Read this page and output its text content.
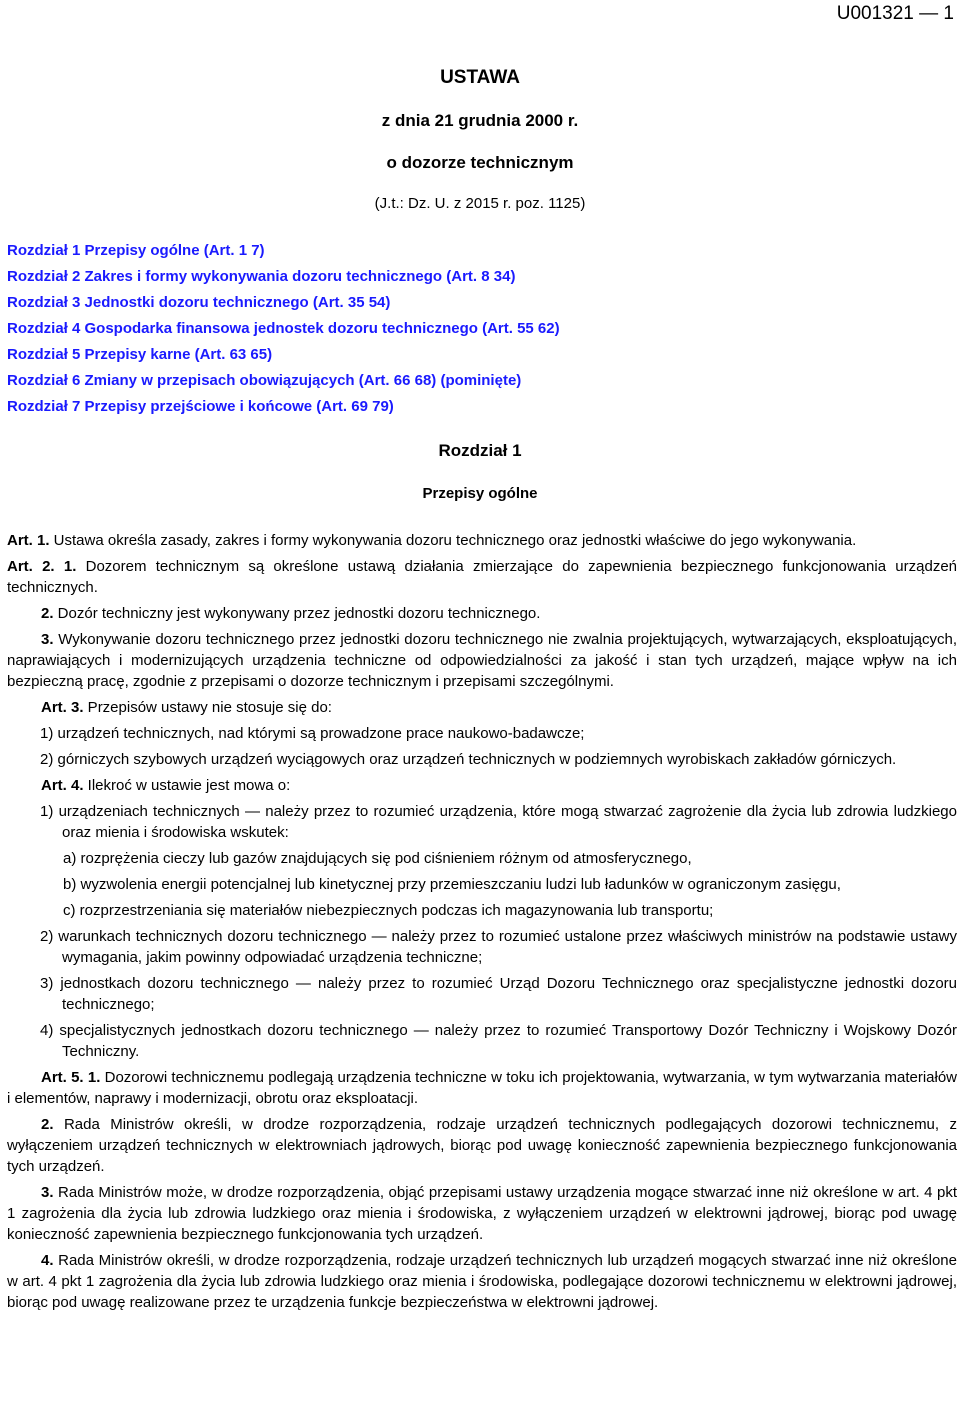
U001321 — 1
USTAWA
z dnia 21 grudnia 2000 r.
o dozorze technicznym
(J.t.: Dz. U. z 2015 r. poz. 1125)
Rozdział 1 Przepisy ogólne (Art. 1 7)
Rozdział 2 Zakres i formy wykonywania dozoru technicznego (Art. 8 34)
Rozdział 3 Jednostki dozoru technicznego (Art. 35 54)
Rozdział 4 Gospodarka finansowa jednostek dozoru technicznego (Art. 55 62)
Rozdział 5 Przepisy karne (Art. 63 65)
Rozdział 6 Zmiany w przepisach obowiązujących (Art. 66 68) (pominięte)
Rozdział 7 Przepisy przejściowe i końcowe (Art. 69 79)
Rozdział 1
Przepisy ogólne

Art. 1. Ustawa określa zasady, zakres i formy wykonywania dozoru technicznego oraz jednostki właściwe do jego wykonywania.

Art. 2. 1. Dozorem technicznym są określone ustawą działania zmierzające do zapewnienia bezpiecznego funkcjonowania urządzeń technicznych.

2. Dozór techniczny jest wykonywany przez jednostki dozoru technicznego.

3. Wykonywanie dozoru technicznego przez jednostki dozoru technicznego nie zwalnia projektujących, wytwarzających, eksploatujących, naprawiających i modernizujących urządzenia techniczne od odpowiedzialności za jakość i stan tych urządzeń, mające wpływ na ich bezpieczną pracę, zgodnie z przepisami o dozorze technicznym i przepisami szczególnymi.

Art. 3. Przepisów ustawy nie stosuje się do:

1) urządzeń technicznych, nad którymi są prowadzone prace naukowo-badawcze;

2) górniczych szybowych urządzeń wyciągowych oraz urządzeń technicznych w podziemnych wyrobiskach zakładów górniczych.

Art. 4. Ilekroć w ustawie jest mowa o:

1) urządzeniach technicznych — należy przez to rozumieć urządzenia, które mogą stwarzać zagrożenie dla życia lub zdrowia ludzkiego oraz mienia i środowiska wskutek:

a) rozprężenia cieczy lub gazów znajdujących się pod ciśnieniem różnym od atmosferycznego,

b) wyzwolenia energii potencjalnej lub kinetycznej przy przemieszczaniu ludzi lub ładunków w ograniczonym zasięgu,

c) rozprzestrzeniania się materiałów niebezpiecznych podczas ich magazynowania lub transportu;

2) warunkach technicznych dozoru technicznego — należy przez to rozumieć ustalone przez właściwych ministrów na podstawie ustawy wymagania, jakim powinny odpowiadać urządzenia techniczne;

3) jednostkach dozoru technicznego — należy przez to rozumieć Urząd Dozoru Technicznego oraz specjalistyczne jednostki dozoru technicznego;

4) specjalistycznych jednostkach dozoru technicznego — należy przez to rozumieć Transportowy Dozór Techniczny i Wojskowy Dozór Techniczny.

Art. 5. 1. Dozorowi technicznemu podlegają urządzenia techniczne w toku ich projektowania, wytwarzania, w tym wytwarzania materiałów i elementów, naprawy i modernizacji, obrotu oraz eksploatacji.

2. Rada Ministrów określi, w drodze rozporządzenia, rodzaje urządzeń technicznych podlegających dozorowi technicznemu, z wyłączeniem urządzeń technicznych w elektrowniach jądrowych, biorąc pod uwagę konieczność zapewnienia bezpiecznego funkcjonowania tych urządzeń.

3. Rada Ministrów może, w drodze rozporządzenia, objąć przepisami ustawy urządzenia mogące stwarzać inne niż określone w art. 4 pkt 1 zagrożenia dla życia lub zdrowia ludzkiego oraz mienia i środowiska, z wyłączeniem urządzeń w elektrowni jądrowej, biorąc pod uwagę konieczność zapewnienia bezpiecznego funkcjonowania tych urządzeń.

4. Rada Ministrów określi, w drodze rozporządzenia, rodzaje urządzeń technicznych lub urządzeń mogących stwarzać inne niż określone w art. 4 pkt 1 zagrożenia dla życia lub zdrowia ludzkiego oraz mienia i środowiska, podlegające dozorowi technicznemu w elektrowni jądrowej, biorąc pod uwagę realizowane przez te urządzenia funkcje bezpieczeństwa w elektrowni jądrowej.
